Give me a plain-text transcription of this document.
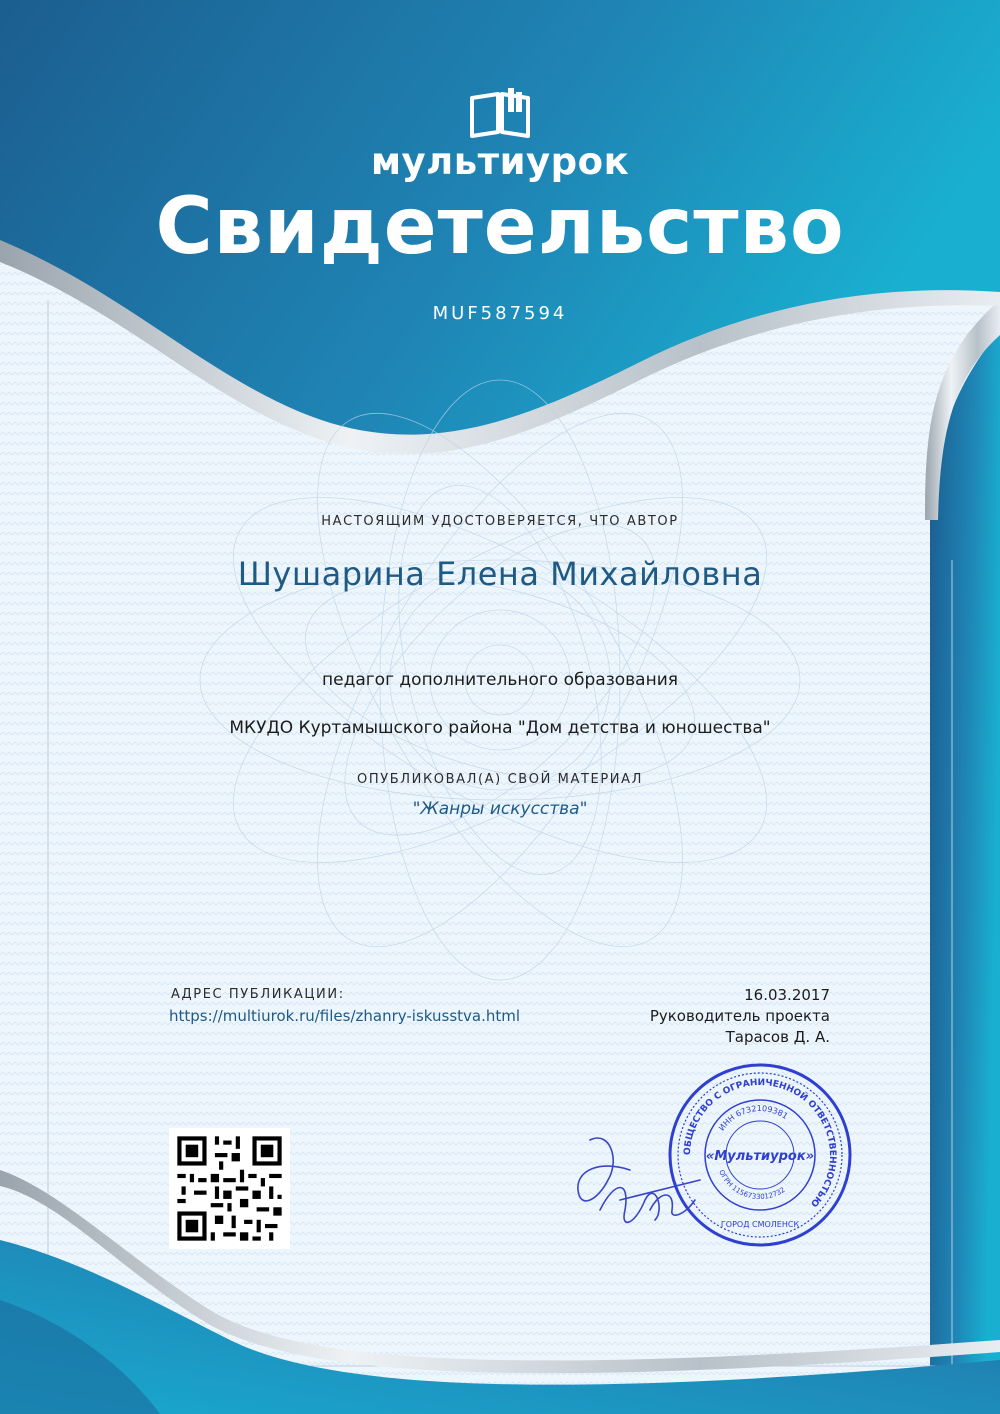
мультиурок
Свидетельство
MUF587594
НАСТОЯЩИМ УДОСТОВЕРЯЕТСЯ, ЧТО АВТОР
Шушарина Елена Михайловна
педагог дополнительного образования
МКУДО Куртамышского района "Дом детства и юношества"
ОПУБЛИКОВАЛ(А) СВОЙ МАТЕРИАЛ
"Жанры искусства"
АДРЕС ПУБЛИКАЦИИ:
https://multiurok.ru/files/zhanry-iskusstva.html
16.03.2017
Руководитель проекта
Тарасов Д. А.
ОБЩЕСТВО С ОГРАНИЧЕННОЙ ОТВЕТСТВЕННОСТЬЮ
ИНН 6732109381
ОГРН 1156733012732
«Мультиурок»
ГОРОД СМОЛЕНСК
